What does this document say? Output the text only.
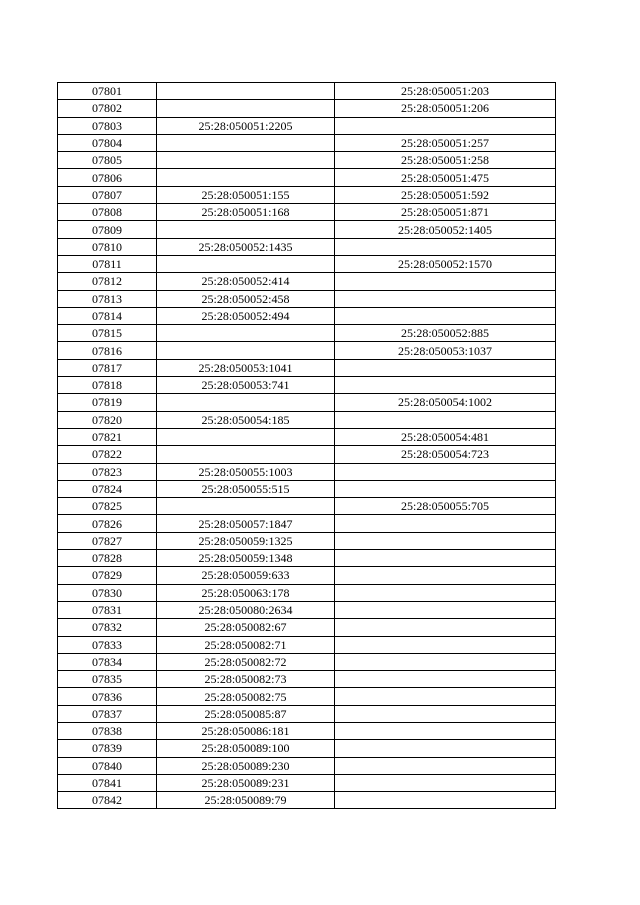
07801		25:28:050051:203
07802		25:28:050051:206
07803	25:28:050051:2205	
07804		25:28:050051:257
07805		25:28:050051:258
07806		25:28:050051:475
07807	25:28:050051:155	25:28:050051:592
07808	25:28:050051:168	25:28:050051:871
07809		25:28:050052:1405
07810	25:28:050052:1435	
07811		25:28:050052:1570
07812	25:28:050052:414	
07813	25:28:050052:458	
07814	25:28:050052:494	
07815		25:28:050052:885
07816		25:28:050053:1037
07817	25:28:050053:1041	
07818	25:28:050053:741	
07819		25:28:050054:1002
07820	25:28:050054:185	
07821		25:28:050054:481
07822		25:28:050054:723
07823	25:28:050055:1003	
07824	25:28:050055:515	
07825		25:28:050055:705
07826	25:28:050057:1847	
07827	25:28:050059:1325	
07828	25:28:050059:1348	
07829	25:28:050059:633	
07830	25:28:050063:178	
07831	25:28:050080:2634	
07832	25:28:050082:67	
07833	25:28:050082:71	
07834	25:28:050082:72	
07835	25:28:050082:73	
07836	25:28:050082:75	
07837	25:28:050085:87	
07838	25:28:050086:181	
07839	25:28:050089:100	
07840	25:28:050089:230	
07841	25:28:050089:231	
07842	25:28:050089:79	
